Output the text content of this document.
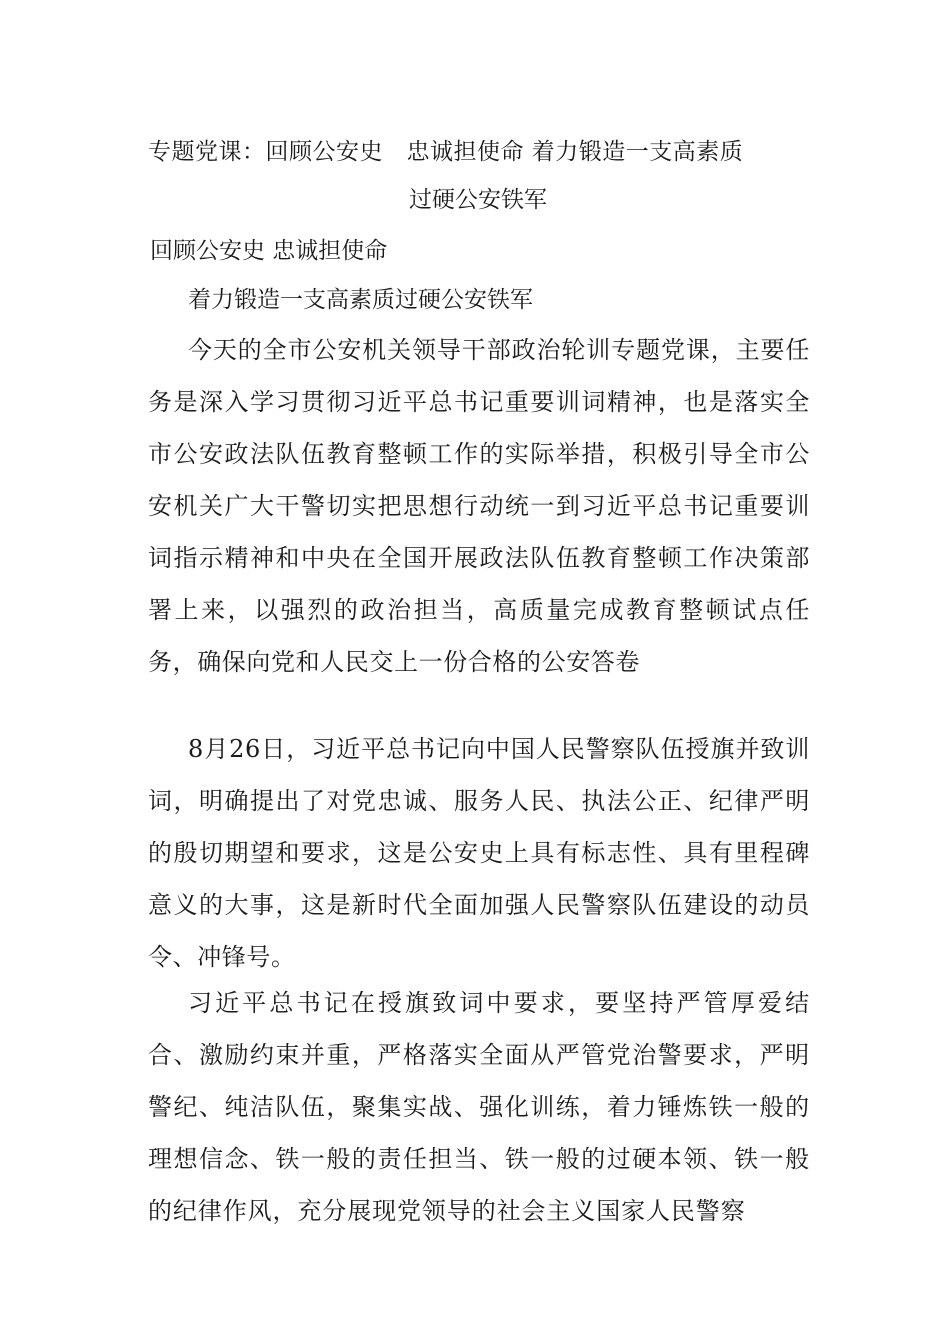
专题党课：回顾公安史　忠诚担使命 着力锻造一支高素质
过硬公安铁军
回顾公安史 忠诚担使命
着力锻造一支高素质过硬公安铁军

今天的全市公安机关领导干部政治轮训专题党课，主要任务是深入学习贯彻习近平总书记重要训词精神，也是落实全市公安政法队伍教育整顿工作的实际举措，积极引导全市公安机关广大干警切实把思想行动统一到习近平总书记重要训词指示精神和中央在全国开展政法队伍教育整顿工作决策部署上来，以强烈的政治担当，高质量完成教育整顿试点任务，确保向党和人民交上一份合格的公安答卷

8月26日，习近平总书记向中国人民警察队伍授旗并致训词，明确提出了对党忠诚、服务人民、执法公正、纪律严明的殷切期望和要求，这是公安史上具有标志性、具有里程碑意义的大事，这是新时代全面加强人民警察队伍建设的动员令、冲锋号。

习近平总书记在授旗致词中要求，要坚持严管厚爱结合、激励约束并重，严格落实全面从严管党治警要求，严明警纪、纯洁队伍，聚集实战、强化训练，着力锤炼铁一般的理想信念、铁一般的责任担当、铁一般的过硬本领、铁一般的纪律作风，充分展现党领导的社会主义国家人民警察
